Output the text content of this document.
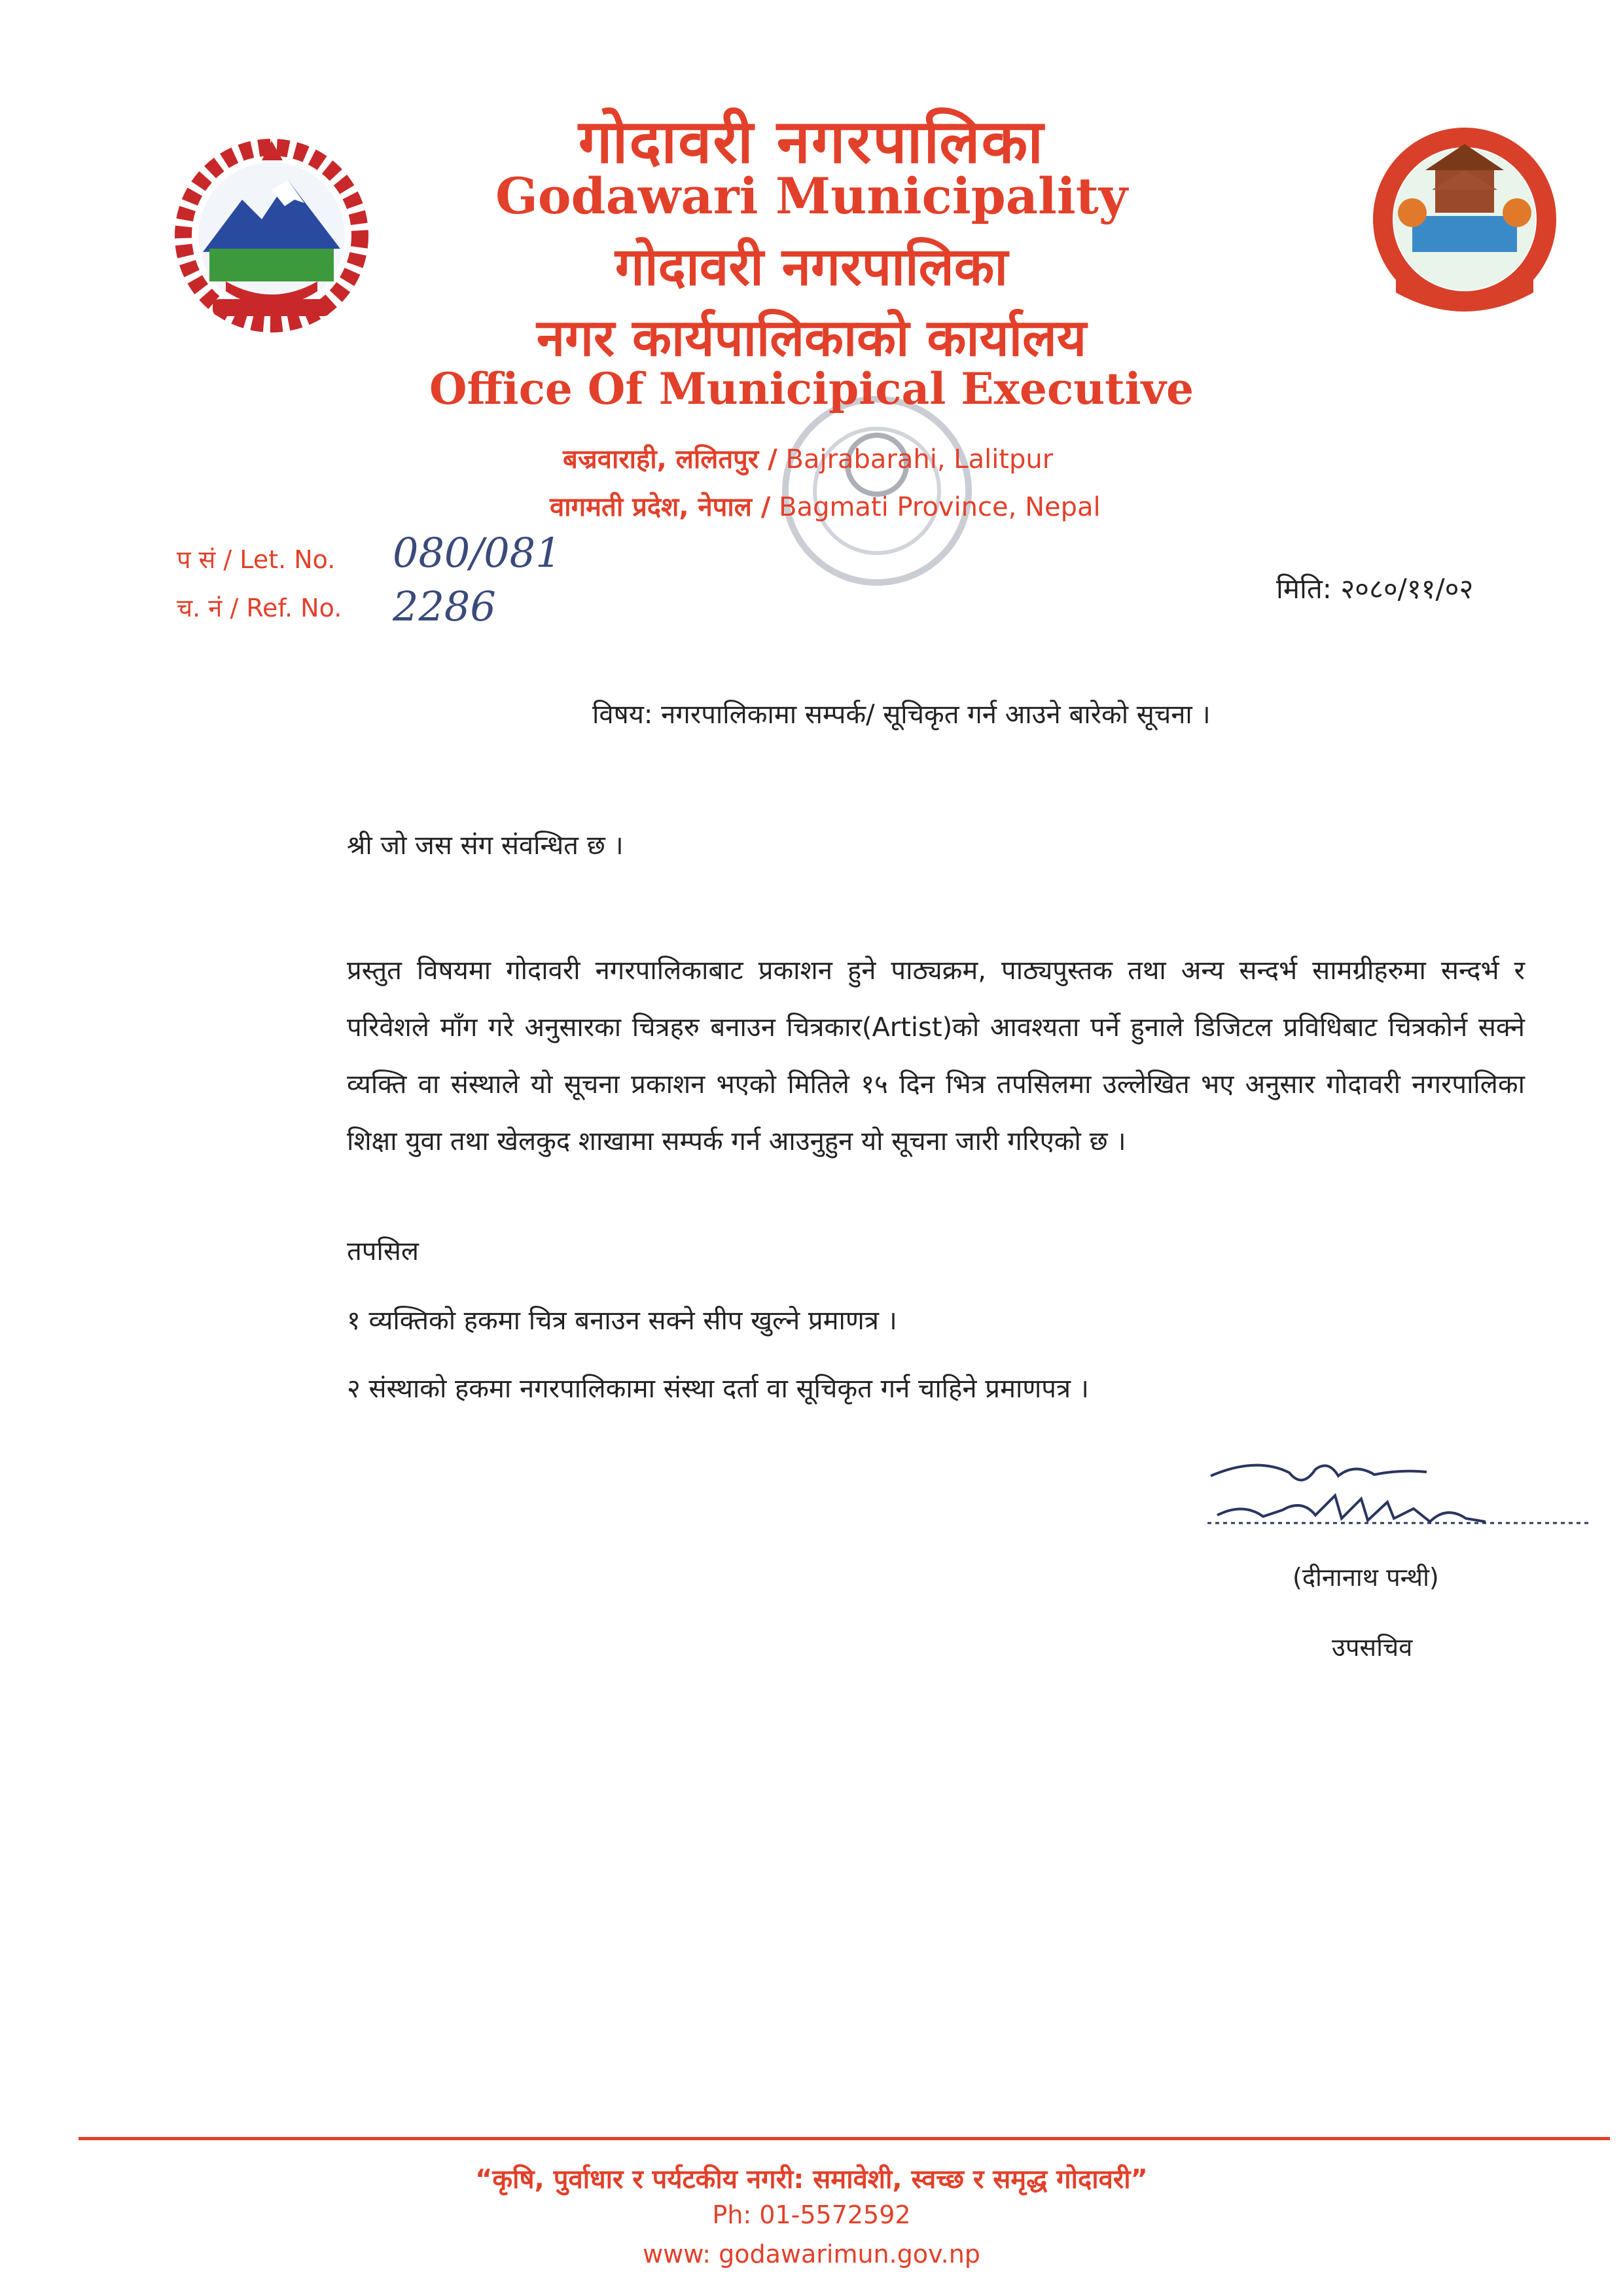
गोदावरी नगरपालिका
Godawari Municipality
गोदावरी नगरपालिका
नगर कार्यपालिकाको कार्यालय
Office Of Municipical Executive
बज्रवाराही, ललितपुर / Bajrabarahi, Lalitpur
वागमती प्रदेश, नेपाल / Bagmati Province, Nepal
प सं / Let. No. 080/081
च. नं / Ref. No. 2286	मिति: २०८०/११/०२
विषय: नगरपालिकामा सम्पर्क/ सूचिकृत गर्न आउने बारेको सूचना ।
श्री जो जस संग संवन्धित छ ।
प्रस्तुत विषयमा गोदावरी नगरपालिकाबाट प्रकाशन हुने पाठ्यक्रम, पाठ्यपुस्तक तथा अन्य सन्दर्भ सामग्रीहरुमा सन्दर्भ र परिवेशले माँग गरे अनुसारका चित्रहरु बनाउन चित्रकार(Artist)को आवश्यता पर्ने हुनाले डिजिटल प्रविधिबाट चित्रकोर्न सक्ने व्यक्ति वा संस्थाले यो सूचना प्रकाशन भएको मितिले १५ दिन भित्र तपसिलमा उल्लेखित भए अनुसार गोदावरी नगरपालिका शिक्षा युवा तथा खेलकुद शाखामा सम्पर्क गर्न आउनुहुन यो सूचना जारी गरिएको छ ।
तपसिल
१ व्यक्तिको हकमा चित्र बनाउन सक्ने सीप खुल्ने प्रमाणत्र ।
२ संस्थाको हकमा नगरपालिकामा संस्था दर्ता वा सूचिकृत गर्न चाहिने प्रमाणपत्र ।
(दीनानाथ पन्थी)
उपसचिव
“कृषि, पुर्वाधार र पर्यटकीय नगरी: समावेशी, स्वच्छ र समृद्ध गोदावरी”
Ph: 01-5572592
www: godawarimun.gov.np
